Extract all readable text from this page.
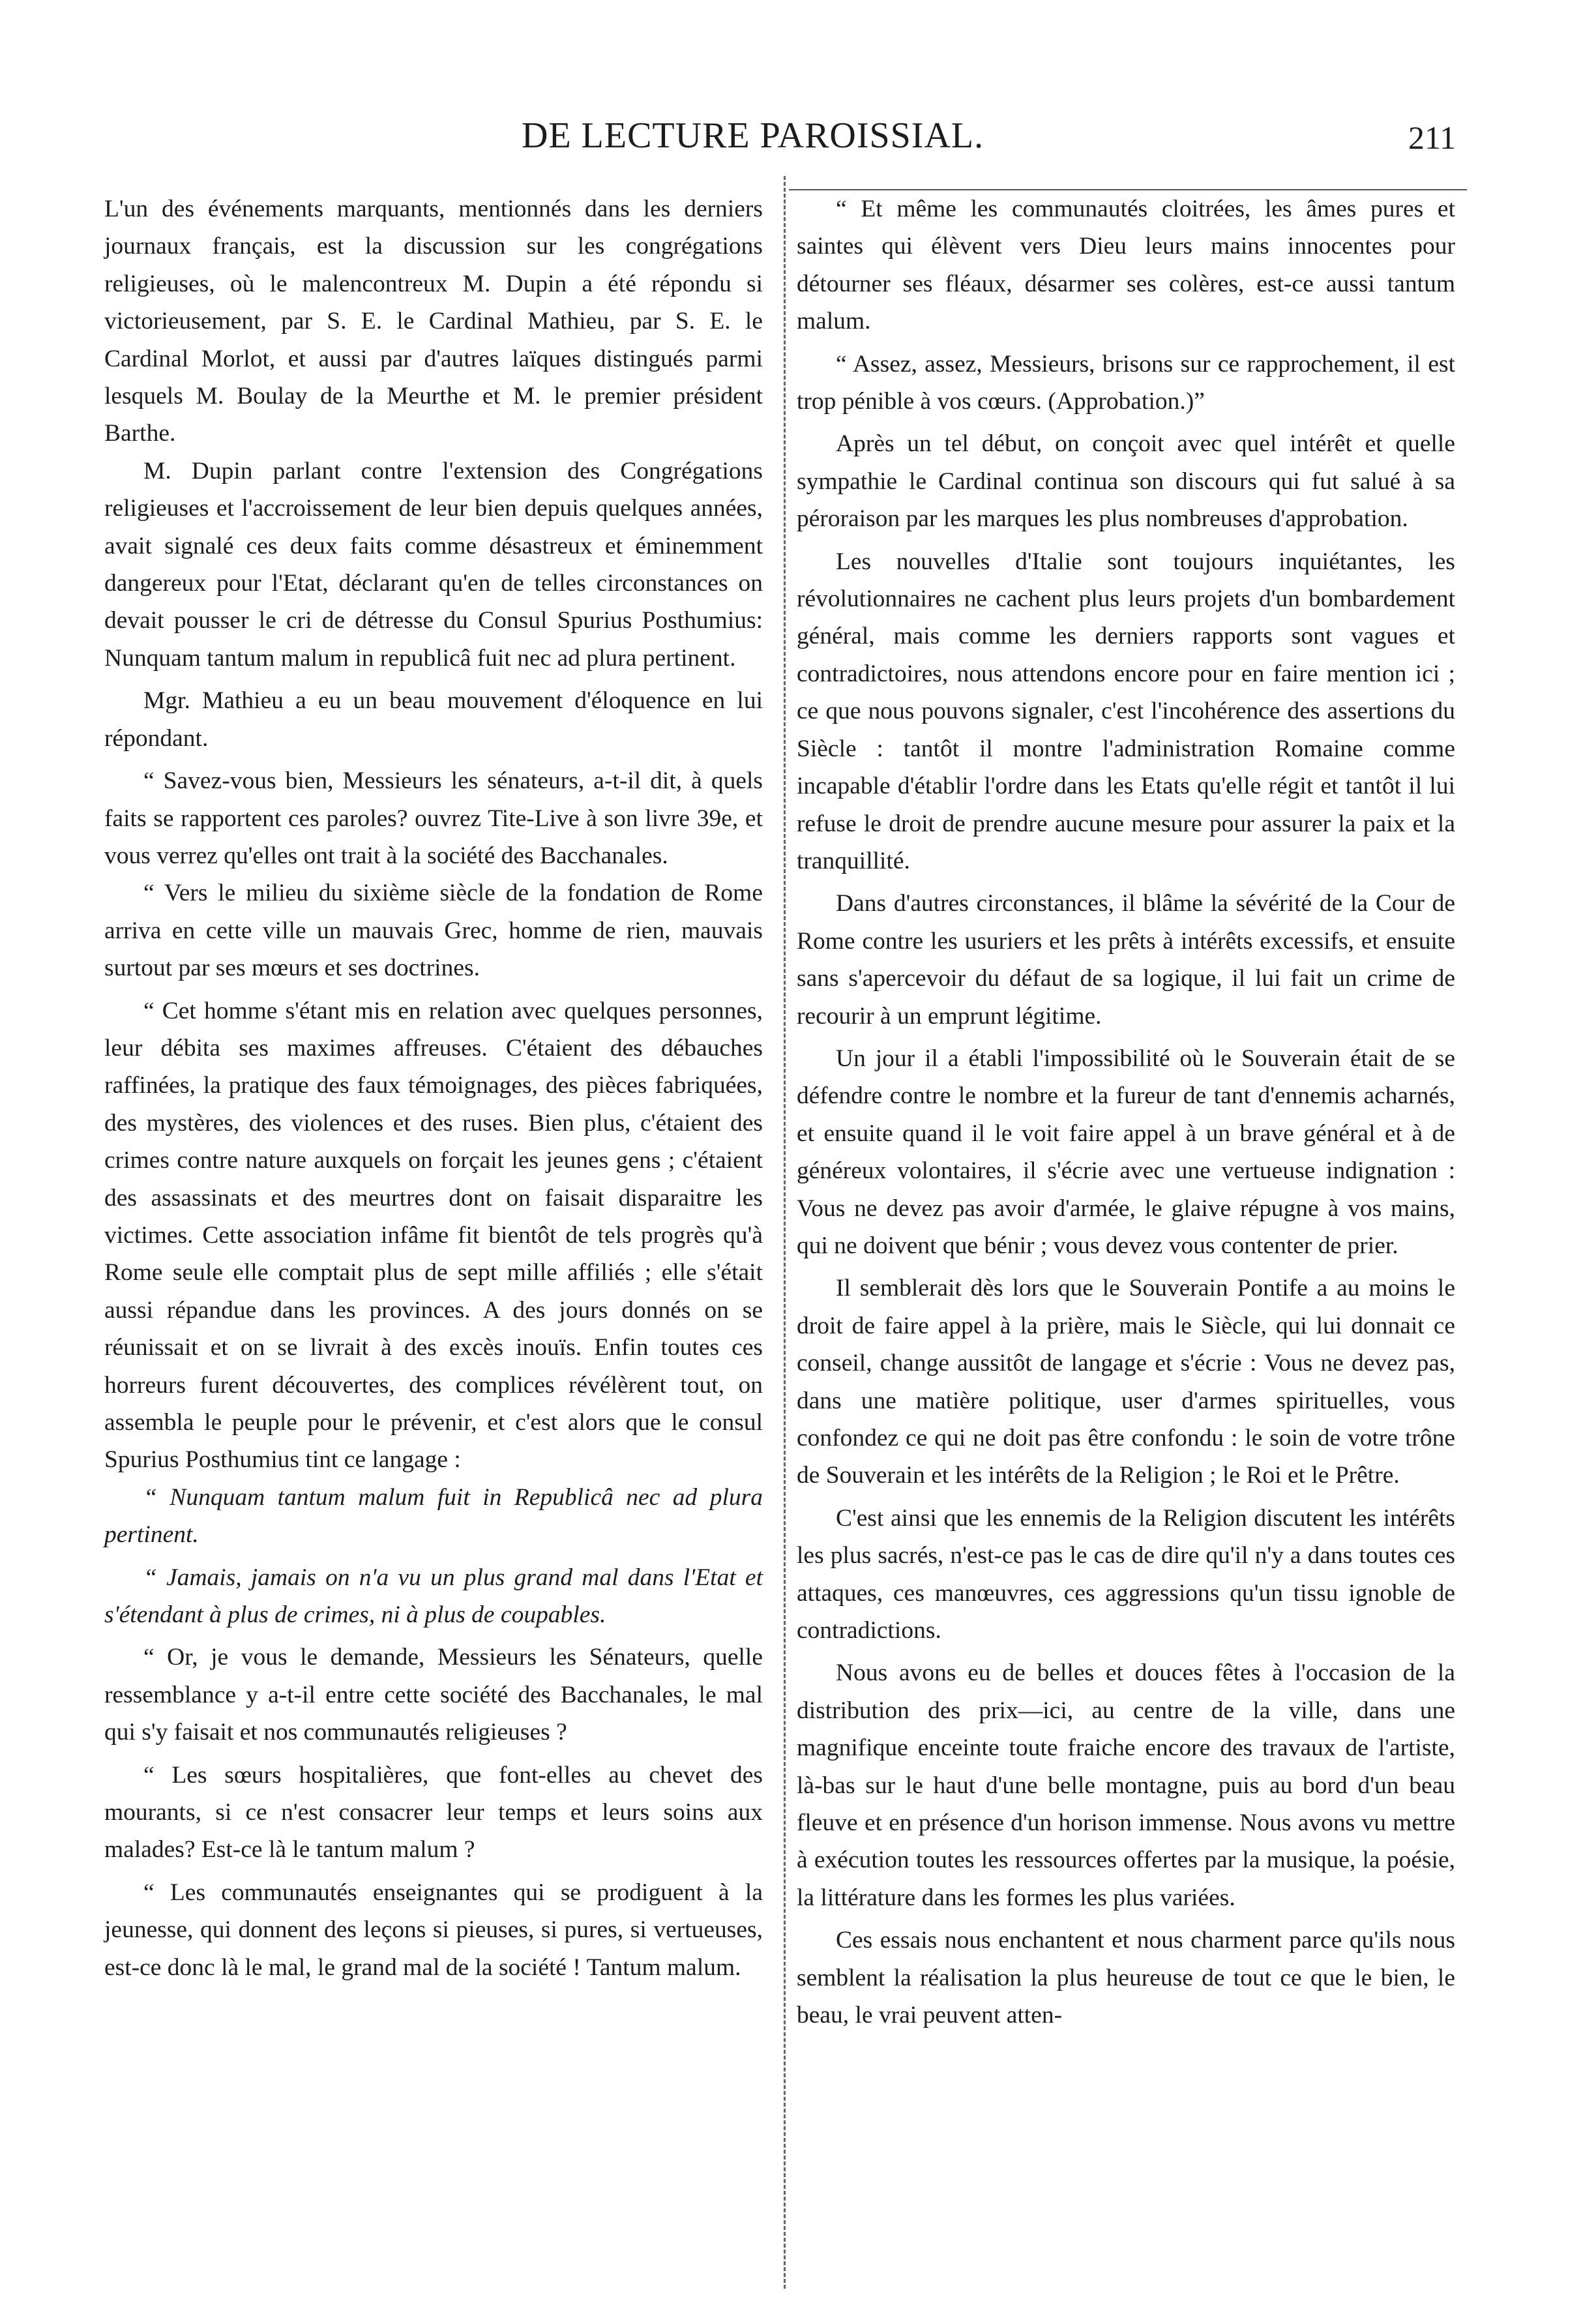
DE LECTURE PAROISSIAL.	211

L'un des événements marquants, mentionnés dans les derniers journaux français, est la discussion sur les congrégations religieuses, où le malencontreux M. Dupin a été répondu si victorieusement, par S. E. le Cardinal Mathieu, par S. E. le Cardinal Morlot, et aussi par d'autres laïques distingués parmi lesquels M. Boulay de la Meurthe et M. le premier président Barthe.

M. Dupin parlant contre l'extension des Congrégations religieuses et l'accroissement de leur bien depuis quelques années, avait signalé ces deux faits comme désastreux et éminemment dangereux pour l'Etat, déclarant qu'en de telles circonstances on devait pousser le cri de détresse du Consul Spurius Posthumius: Nunquam tantum malum in republicâ fuit nec ad plura pertinent.

Mgr. Mathieu a eu un beau mouvement d'éloquence en lui répondant.

“ Savez-vous bien, Messieurs les sénateurs, a-t-il dit, à quels faits se rapportent ces paroles? ouvrez Tite-Live à son livre 39e, et vous verrez qu'elles ont trait à la société des Bacchanales.

“ Vers le milieu du sixième siècle de la fondation de Rome arriva en cette ville un mauvais Grec, homme de rien, mauvais surtout par ses mœurs et ses doctrines.

“ Cet homme s'étant mis en relation avec quelques personnes, leur débita ses maximes affreuses. C'étaient des débauches raffinées, la pratique des faux témoignages, des pièces fabriquées, des mystères, des violences et des ruses. Bien plus, c'étaient des crimes contre nature auxquels on forçait les jeunes gens ; c'étaient des assassinats et des meurtres dont on faisait disparaitre les victimes. Cette association infâme fit bientôt de tels progrès qu'à Rome seule elle comptait plus de sept mille affiliés ; elle s'était aussi répandue dans les provinces. A des jours donnés on se réunissait et on se livrait à des excès inouïs. Enfin toutes ces horreurs furent découvertes, des complices révélèrent tout, on assembla le peuple pour le prévenir, et c'est alors que le consul Spurius Posthumius tint ce langage :

“ Nunquam tantum malum fuit in Republicâ nec ad plura pertinent.

“ Jamais, jamais on n'a vu un plus grand mal dans l'Etat et s'étendant à plus de crimes, ni à plus de coupables.

“ Or, je vous le demande, Messieurs les Sénateurs, quelle ressemblance y a-t-il entre cette société des Bacchanales, le mal qui s'y faisait et nos communautés religieuses ?

“ Les sœurs hospitalières, que font-elles au chevet des mourants, si ce n'est consacrer leur temps et leurs soins aux malades? Est-ce là le tantum malum ?

“ Les communautés enseignantes qui se prodiguent à la jeunesse, qui donnent des leçons si pieuses, si pures, si vertueuses, est-ce donc là le mal, le grand mal de la société ! Tantum malum.

“ Et même les communautés cloitrées, les âmes pures et saintes qui élèvent vers Dieu leurs mains innocentes pour détourner ses fléaux, désarmer ses colères, est-ce aussi tantum malum.

“ Assez, assez, Messieurs, brisons sur ce rapprochement, il est trop pénible à vos cœurs. (Approbation.)”

Après un tel début, on conçoit avec quel intérêt et quelle sympathie le Cardinal continua son discours qui fut salué à sa péroraison par les marques les plus nombreuses d'approbation.

Les nouvelles d'Italie sont toujours inquiétantes, les révolutionnaires ne cachent plus leurs projets d'un bombardement général, mais comme les derniers rapports sont vagues et contradictoires, nous attendons encore pour en faire mention ici ; ce que nous pouvons signaler, c'est l'incohérence des assertions du Siècle : tantôt il montre l'administration Romaine comme incapable d'établir l'ordre dans les Etats qu'elle régit et tantôt il lui refuse le droit de prendre aucune mesure pour assurer la paix et la tranquillité.

Dans d'autres circonstances, il blâme la sévérité de la Cour de Rome contre les usuriers et les prêts à intérêts excessifs, et ensuite sans s'apercevoir du défaut de sa logique, il lui fait un crime de recourir à un emprunt légitime.

Un jour il a établi l'impossibilité où le Souverain était de se défendre contre le nombre et la fureur de tant d'ennemis acharnés, et ensuite quand il le voit faire appel à un brave général et à de généreux volontaires, il s'écrie avec une vertueuse indignation : Vous ne devez pas avoir d'armée, le glaive répugne à vos mains, qui ne doivent que bénir ; vous devez vous contenter de prier.

Il semblerait dès lors que le Souverain Pontife a au moins le droit de faire appel à la prière, mais le Siècle, qui lui donnait ce conseil, change aussitôt de langage et s'écrie : Vous ne devez pas, dans une matière politique, user d'armes spirituelles, vous confondez ce qui ne doit pas être confondu : le soin de votre trône de Souverain et les intérêts de la Religion ; le Roi et le Prêtre.

C'est ainsi que les ennemis de la Religion discutent les intérêts les plus sacrés, n'est-ce pas le cas de dire qu'il n'y a dans toutes ces attaques, ces manœuvres, ces aggressions qu'un tissu ignoble de contradictions.

Nous avons eu de belles et douces fêtes à l'occasion de la distribution des prix—ici, au centre de la ville, dans une magnifique enceinte toute fraiche encore des travaux de l'artiste, là-bas sur le haut d'une belle montagne, puis au bord d'un beau fleuve et en présence d'un horison immense. Nous avons vu mettre à exécution toutes les ressources offertes par la musique, la poésie, la littérature dans les formes les plus variées.

Ces essais nous enchantent et nous charment parce qu'ils nous semblent la réalisation la plus heureuse de tout ce que le bien, le beau, le vrai peuvent atten-
